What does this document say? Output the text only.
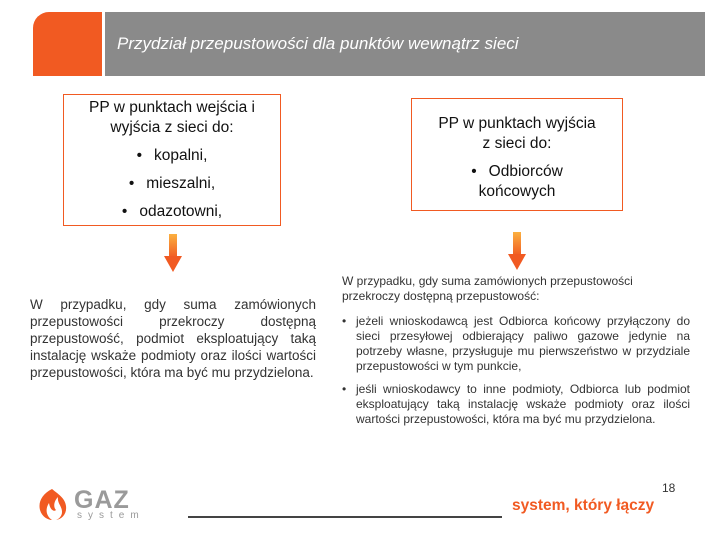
Przydział przepustowości dla punktów wewnątrz sieci
PP w punktach wejścia i
wyjścia z sieci do:
• kopalni,
• mieszalni,
• odazotowni,
PP w punktach wyjścia
z sieci do:
• Odbiorców
końcowych
W przypadku, gdy suma zamówionych przepustowości przekroczy dostępną przepustowość, podmiot eksploatujący taką instalację wskaże podmioty oraz ilości wartości przepustowości, która ma być mu przydzielona.
W przypadku, gdy suma zamówionych przepustowości przekroczy dostępną przepustowość:
• jeżeli wnioskodawcą jest Odbiorca końcowy przyłączony do sieci przesyłowej odbierający paliwo gazowe jedynie na potrzeby własne, przysługuje mu pierwszeństwo w przydziale przepustowości w tym punkcie,
• jeśli wnioskodawcy to inne podmioty, Odbiorca lub podmiot eksploatujący taką instalację wskaże podmioty oraz ilości wartości przepustowości, która ma być mu przydzielona.
18
GAZ
system
system, który łączy
